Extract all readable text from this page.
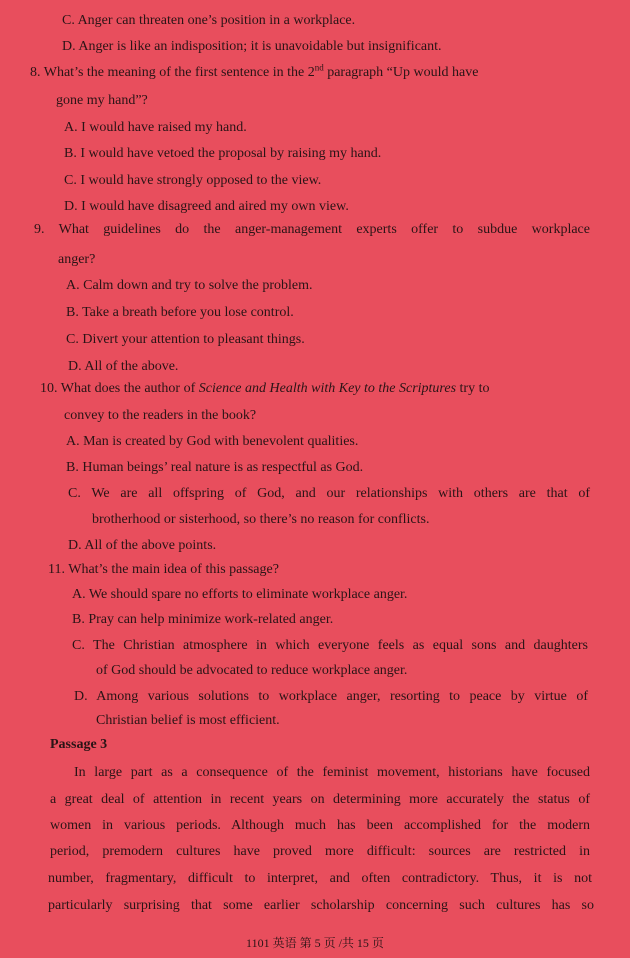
C. Anger can threaten one’s position in a workplace.
D. Anger is like an indisposition; it is unavoidable but insignificant.
8. What’s the meaning of the first sentence in the 2nd paragraph “Up would have
gone my hand”?
A. I would have raised my hand.
B. I would have vetoed the proposal by raising my hand.
C. I would have strongly opposed to the view.
D. I would have disagreed and aired my own view.
9. What guidelines do the anger-management experts offer to subdue workplace
anger?
A. Calm down and try to solve the problem.
B. Take a breath before you lose control.
C. Divert your attention to pleasant things.
D. All of the above.
10. What does the author of Science and Health with Key to the Scriptures try to
convey to the readers in the book?
A. Man is created by God with benevolent qualities.
B. Human beings’ real nature is as respectful as God.
C. We are all offspring of God, and our relationships with others are that of
brotherhood or sisterhood, so there’s no reason for conflicts.
D. All of the above points.
11. What’s the main idea of this passage?
A. We should spare no efforts to eliminate workplace anger.
B. Pray can help minimize work-related anger.
C. The Christian atmosphere in which everyone feels as equal sons and daughters
of God should be advocated to reduce workplace anger.
D. Among various solutions to workplace anger, resorting to peace by virtue of
Christian belief is most efficient.
Passage 3
In large part as a consequence of the feminist movement, historians have focused
a great deal of attention in recent years on determining more accurately the status of
women in various periods. Although much has been accomplished for the modern
period, premodern cultures have proved more difficult: sources are restricted in
number, fragmentary, difficult to interpret, and often contradictory. Thus, it is not
particularly surprising that some earlier scholarship concerning such cultures has so
1101 英语 第 5 页 /共 15 页
